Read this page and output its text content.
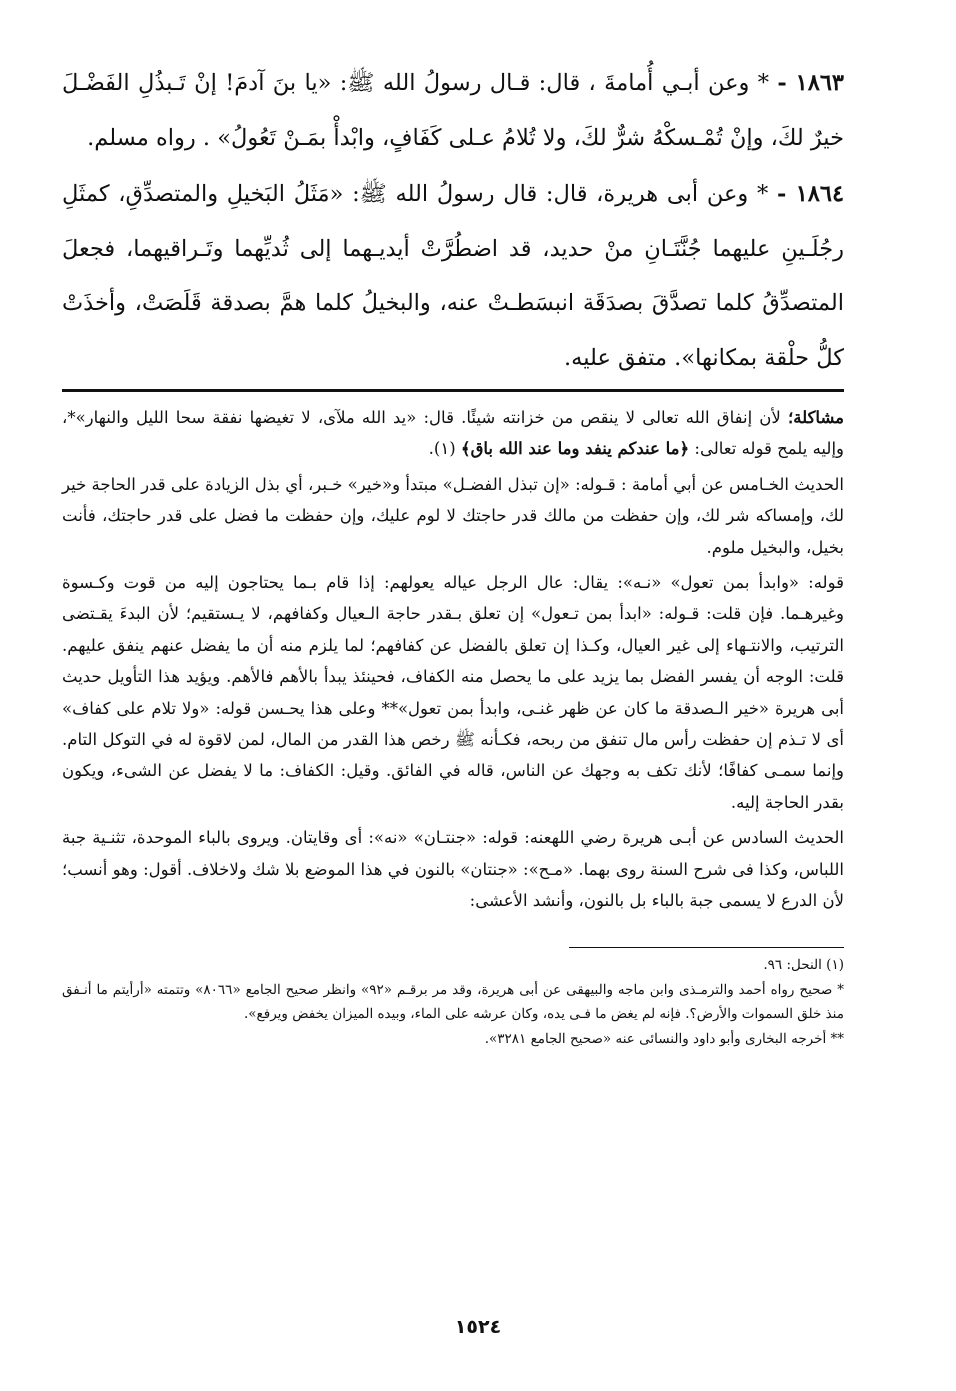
١٨٦٣ - * وعن أبـي أُمامةَ ، قال: قـال رسولُ الله ﷺ: «يا بنَ آدمَ! إنْ تَـبذُلِ الفَضْـلَ خيرٌ لكَ، وإنْ تُمْـسكْهُ شرٌّ لكَ، ولا تُلامُ عـلى كَفَافٍ، وابْدأْ بمَـنْ تَعُولُ» . رواه مسلم.

١٨٦٤ - * وعن أبى هريرة، قال: قال رسولُ الله ﷺ: «مَثَلُ البَخيلِ والمتصدِّقِ، كمثَلِ رجُلَـينِ عليهما جُنَّتَـانِ منْ حديد، قد اضطُرَّتْ أيديـهما إلى ثُديِّهما وتَـراقيهما، فجعلَ المتصدِّقُ كلما تصدَّقَ بصدَقَة انبسَطـتْ عنه، والبخيلُ كلما همَّ بصدقة قَلَصَتْ، وأخذَتْ كلُّ حلْقة بمكانها». متفق عليه.

مشاكلة؛ لأن إنفاق الله تعالى لا ينقص من خزانته شيئًا. قال: «يد الله ملآى، لا تغيضها نفقة سحا الليل والنهار»*، وإليه يلمح قوله تعالى: ﴿ما عندكم ينفد وما عند الله باق﴾ (١).

الحديث الخـامس عن أبي أمامة : قـوله: «إن تبذل الفضـل» مبتدأ و«خير» خـبر، أي بذل الزيادة على قدر الحاجة خير لك، وإمساكه شر لك، وإن حفظت من مالك قدر حاجتك لا لوم عليك، وإن حفظت ما فضل على قدر حاجتك، فأنت بخيل، والبخيل ملوم.

قوله: «وابدأ بمن تعول» «نـه»: يقال: عال الرجل عياله يعولهم: إذا قام بـما يحتاجون إليه من قوت وكـسوة وغيرهـما. فإن قلت: قـوله: «ابدأ بمن تـعول» إن تعلق بـقدر حاجة الـعيال وكفافهم، لا يـستقيم؛ لأن البدءَ يقـتضى الترتيب، والانتـهاء إلى غير العيال، وكـذا إن تعلق بالفضل عن كفافهم؛ لما يلزم منه أن ما يفضل عنهم ينفق عليهم. قلت: الوجه أن يفسر الفضل بما يزيد على ما يحصل منه الكفاف، فحينئذ يبدأ بالأهم فالأهم. ويؤيد هذا التأويل حديث أبى هريرة «خير الـصدقة ما كان عن ظهر غنـى، وابدأ بمن تعول»** وعلى هذا يحـسن قوله: «ولا تلام على كفاف» أى لا تـذم إن حفظت رأس مال تنفق من ربحه، فكـأنه ﷺ رخص هذا القدر من المال، لمن لاقوة له في التوكل التام. وإنما سمـى كفافًا؛ لأنك تكف به وجهك عن الناس، قاله في الفائق. وقيل: الكفاف: ما لا يفضل عن الشىء، ويكون بقدر الحاجة إليه.

الحديث السادس عن أبـى هريرة رضي اللهعنه: قوله: «جنتـان» «نه»: أى وقايتان. ويروى بالباء الموحدة، تثنـية جبة اللباس، وكذا فى شرح السنة روى بهما. «مـح»: «جنتان» بالنون في هذا الموضع بلا شك ولاخلاف. أقول: وهو أنسب؛ لأن الدرع لا يسمى جبة بالباء بل بالنون، وأنشد الأعشى:

(١) النحل: ٩٦.

* صحيح رواه أحمد والترمـذى وابن ماجه والبيهقى عن أبى هريرة، وقد مر برقـم «٩٢» وانظر صحيح الجامع «٨٠٦٦» وتتمته «أرأيتم ما أنـفق منذ خلق السموات والأرض؟. فإنه لم يغض ما فـى يده، وكان عرشه على الماء، وبيده الميزان يخفض ويرفع».

** أخرجه البخارى وأبو داود والنسائى عنه «صحيح الجامع ٣٢٨١».

١٥٢٤
